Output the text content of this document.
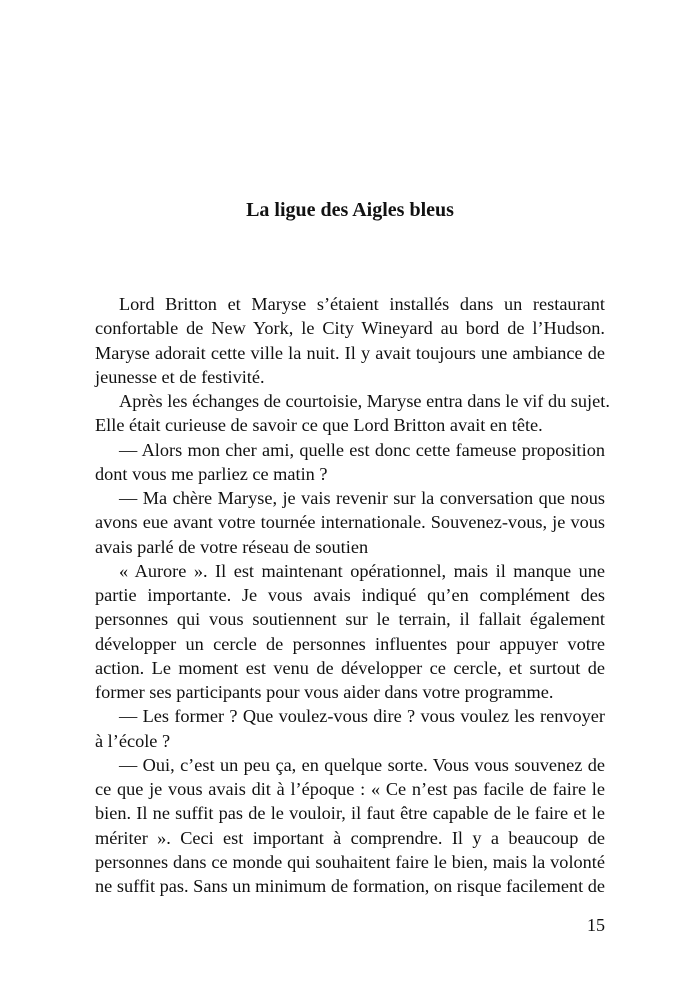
La ligue des Aigles bleus
Lord Britton et Maryse s’étaient installés dans un restaurant
confortable de New York, le City Wineyard au bord de l’Hudson.
Maryse adorait cette ville la nuit. Il y avait toujours une ambiance de
jeunesse et de festivité.
Après les échanges de courtoisie, Maryse entra dans le vif du sujet.
Elle était curieuse de savoir ce que Lord Britton avait en tête.
— Alors mon cher ami, quelle est donc cette fameuse proposition
dont vous me parliez ce matin ?
— Ma chère Maryse, je vais revenir sur la conversation que nous
avons eue avant votre tournée internationale. Souvenez-vous, je vous
avais parlé de votre réseau de soutien
« Aurore ». Il est maintenant opérationnel, mais il manque une
partie importante. Je vous avais indiqué qu’en complément des
personnes qui vous soutiennent sur le terrain, il fallait également
développer un cercle de personnes influentes pour appuyer votre
action. Le moment est venu de développer ce cercle, et surtout de
former ses participants pour vous aider dans votre programme.
— Les former ? Que voulez-vous dire ? vous voulez les renvoyer
à l’école ?
— Oui, c’est un peu ça, en quelque sorte. Vous vous souvenez de
ce que je vous avais dit à l’époque : « Ce n’est pas facile de faire le
bien. Il ne suffit pas de le vouloir, il faut être capable de le faire et le
mériter ». Ceci est important à comprendre. Il y a beaucoup de
personnes dans ce monde qui souhaitent faire le bien, mais la volonté
ne suffit pas. Sans un minimum de formation, on risque facilement de
15
